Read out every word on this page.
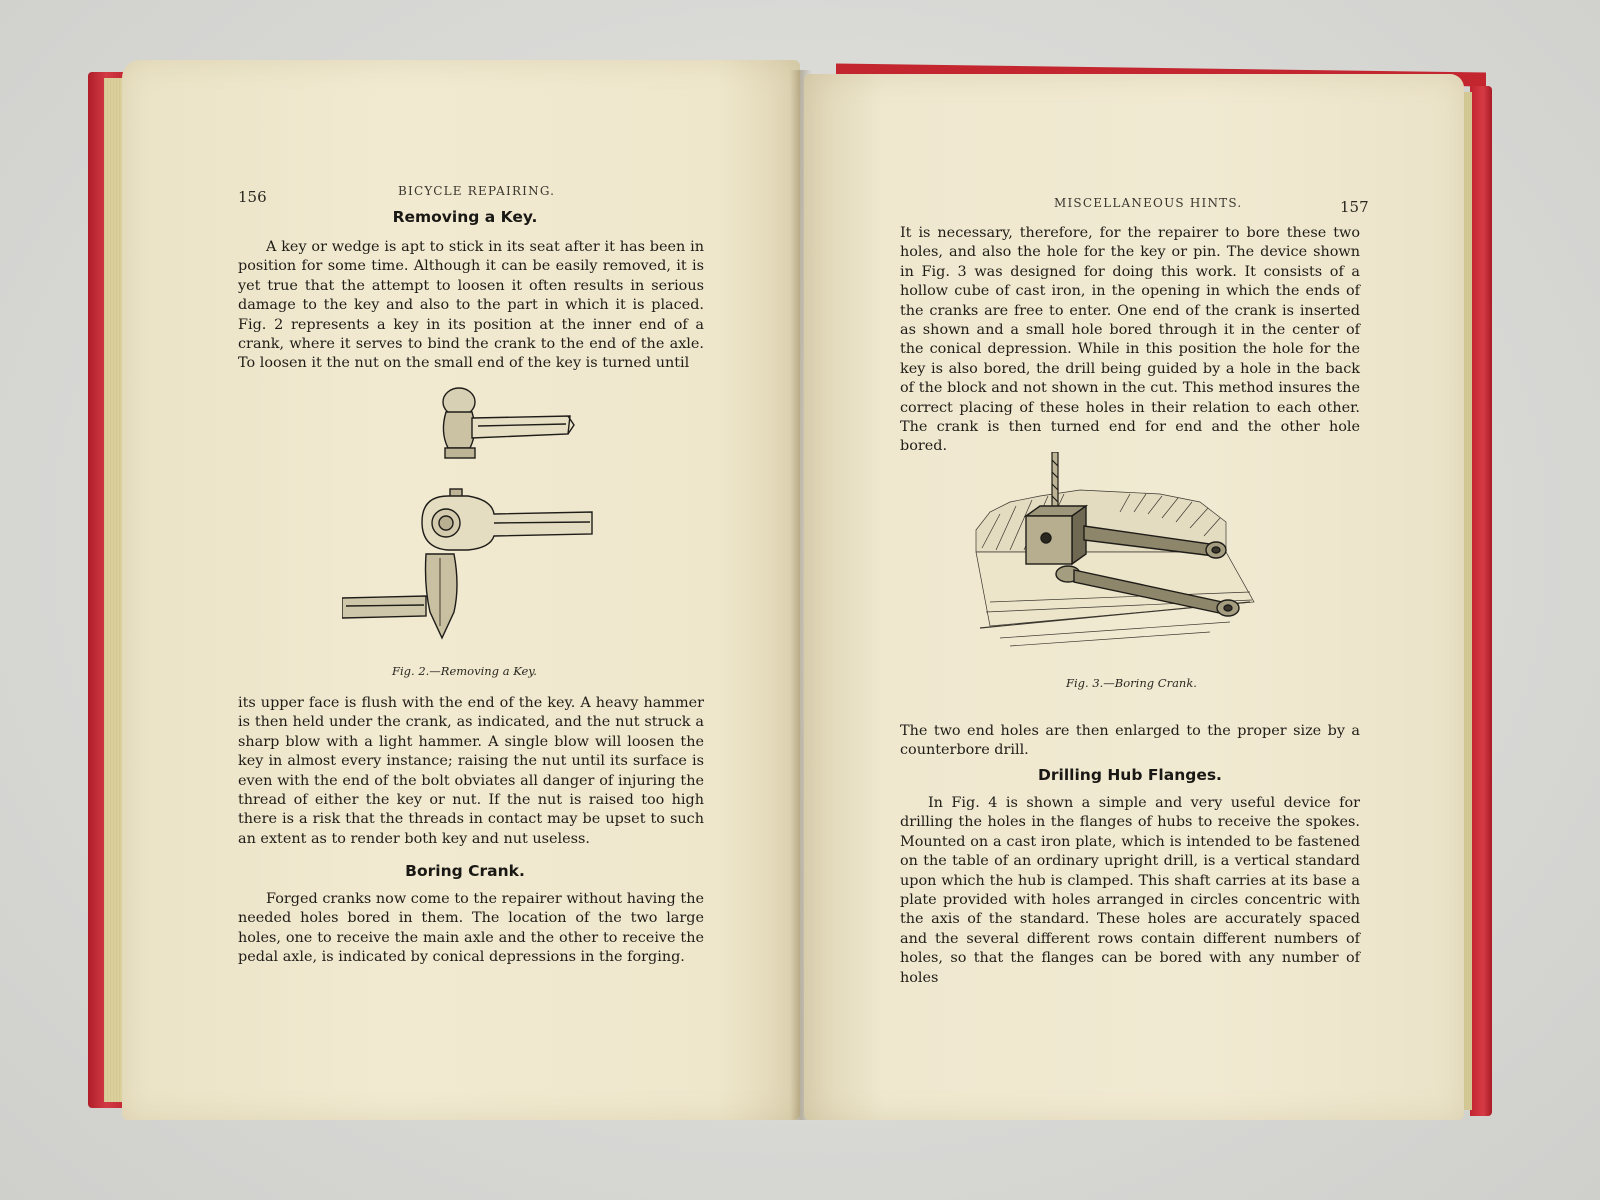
156	BICYCLE REPAIRING.
Removing a Key.

A key or wedge is apt to stick in its seat after it has been in position for some time. Although it can be easily removed, it is yet true that the attempt to loosen it often results in serious damage to the key and also to the part in which it is placed. Fig. 2 represents a key in its position at the inner end of a crank, where it serves to bind the crank to the end of the axle. To loosen it the nut on the small end of the key is turned until

Fig. 2.—Removing a Key.

its upper face is flush with the end of the key. A heavy hammer is then held under the crank, as indicated, and the nut struck a sharp blow with a light hammer. A single blow will loosen the key in almost every instance; raising the nut until its surface is even with the end of the bolt obviates all danger of injuring the thread of either the key or nut. If the nut is raised too high there is a risk that the threads in contact may be upset to such an extent as to render both key and nut useless.

Boring Crank.

Forged cranks now come to the repairer without having the needed holes bored in them. The location of the two large holes, one to receive the main axle and the other to receive the pedal axle, is indicated by conical depressions in the forging.

MISCELLANEOUS HINTS.	157

It is necessary, therefore, for the repairer to bore these two holes, and also the hole for the key or pin. The device shown in Fig. 3 was designed for doing this work. It consists of a hollow cube of cast iron, in the opening in which the ends of the cranks are free to enter. One end of the crank is inserted as shown and a small hole bored through it in the center of the conical depression. While in this position the hole for the key is also bored, the drill being guided by a hole in the back of the block and not shown in the cut. This method insures the correct placing of these holes in their relation to each other. The crank is then turned end for end and the other hole bored.

Fig. 3.—Boring Crank.

The two end holes are then enlarged to the proper size by a counterbore drill.

Drilling Hub Flanges.

In Fig. 4 is shown a simple and very useful device for drilling the holes in the flanges of hubs to receive the spokes. Mounted on a cast iron plate, which is intended to be fastened on the table of an ordinary upright drill, is a vertical standard upon which the hub is clamped. This shaft carries at its base a plate provided with holes arranged in circles concentric with the axis of the standard. These holes are accurately spaced and the several different rows contain different numbers of holes, so that the flanges can be bored with any number of holes
